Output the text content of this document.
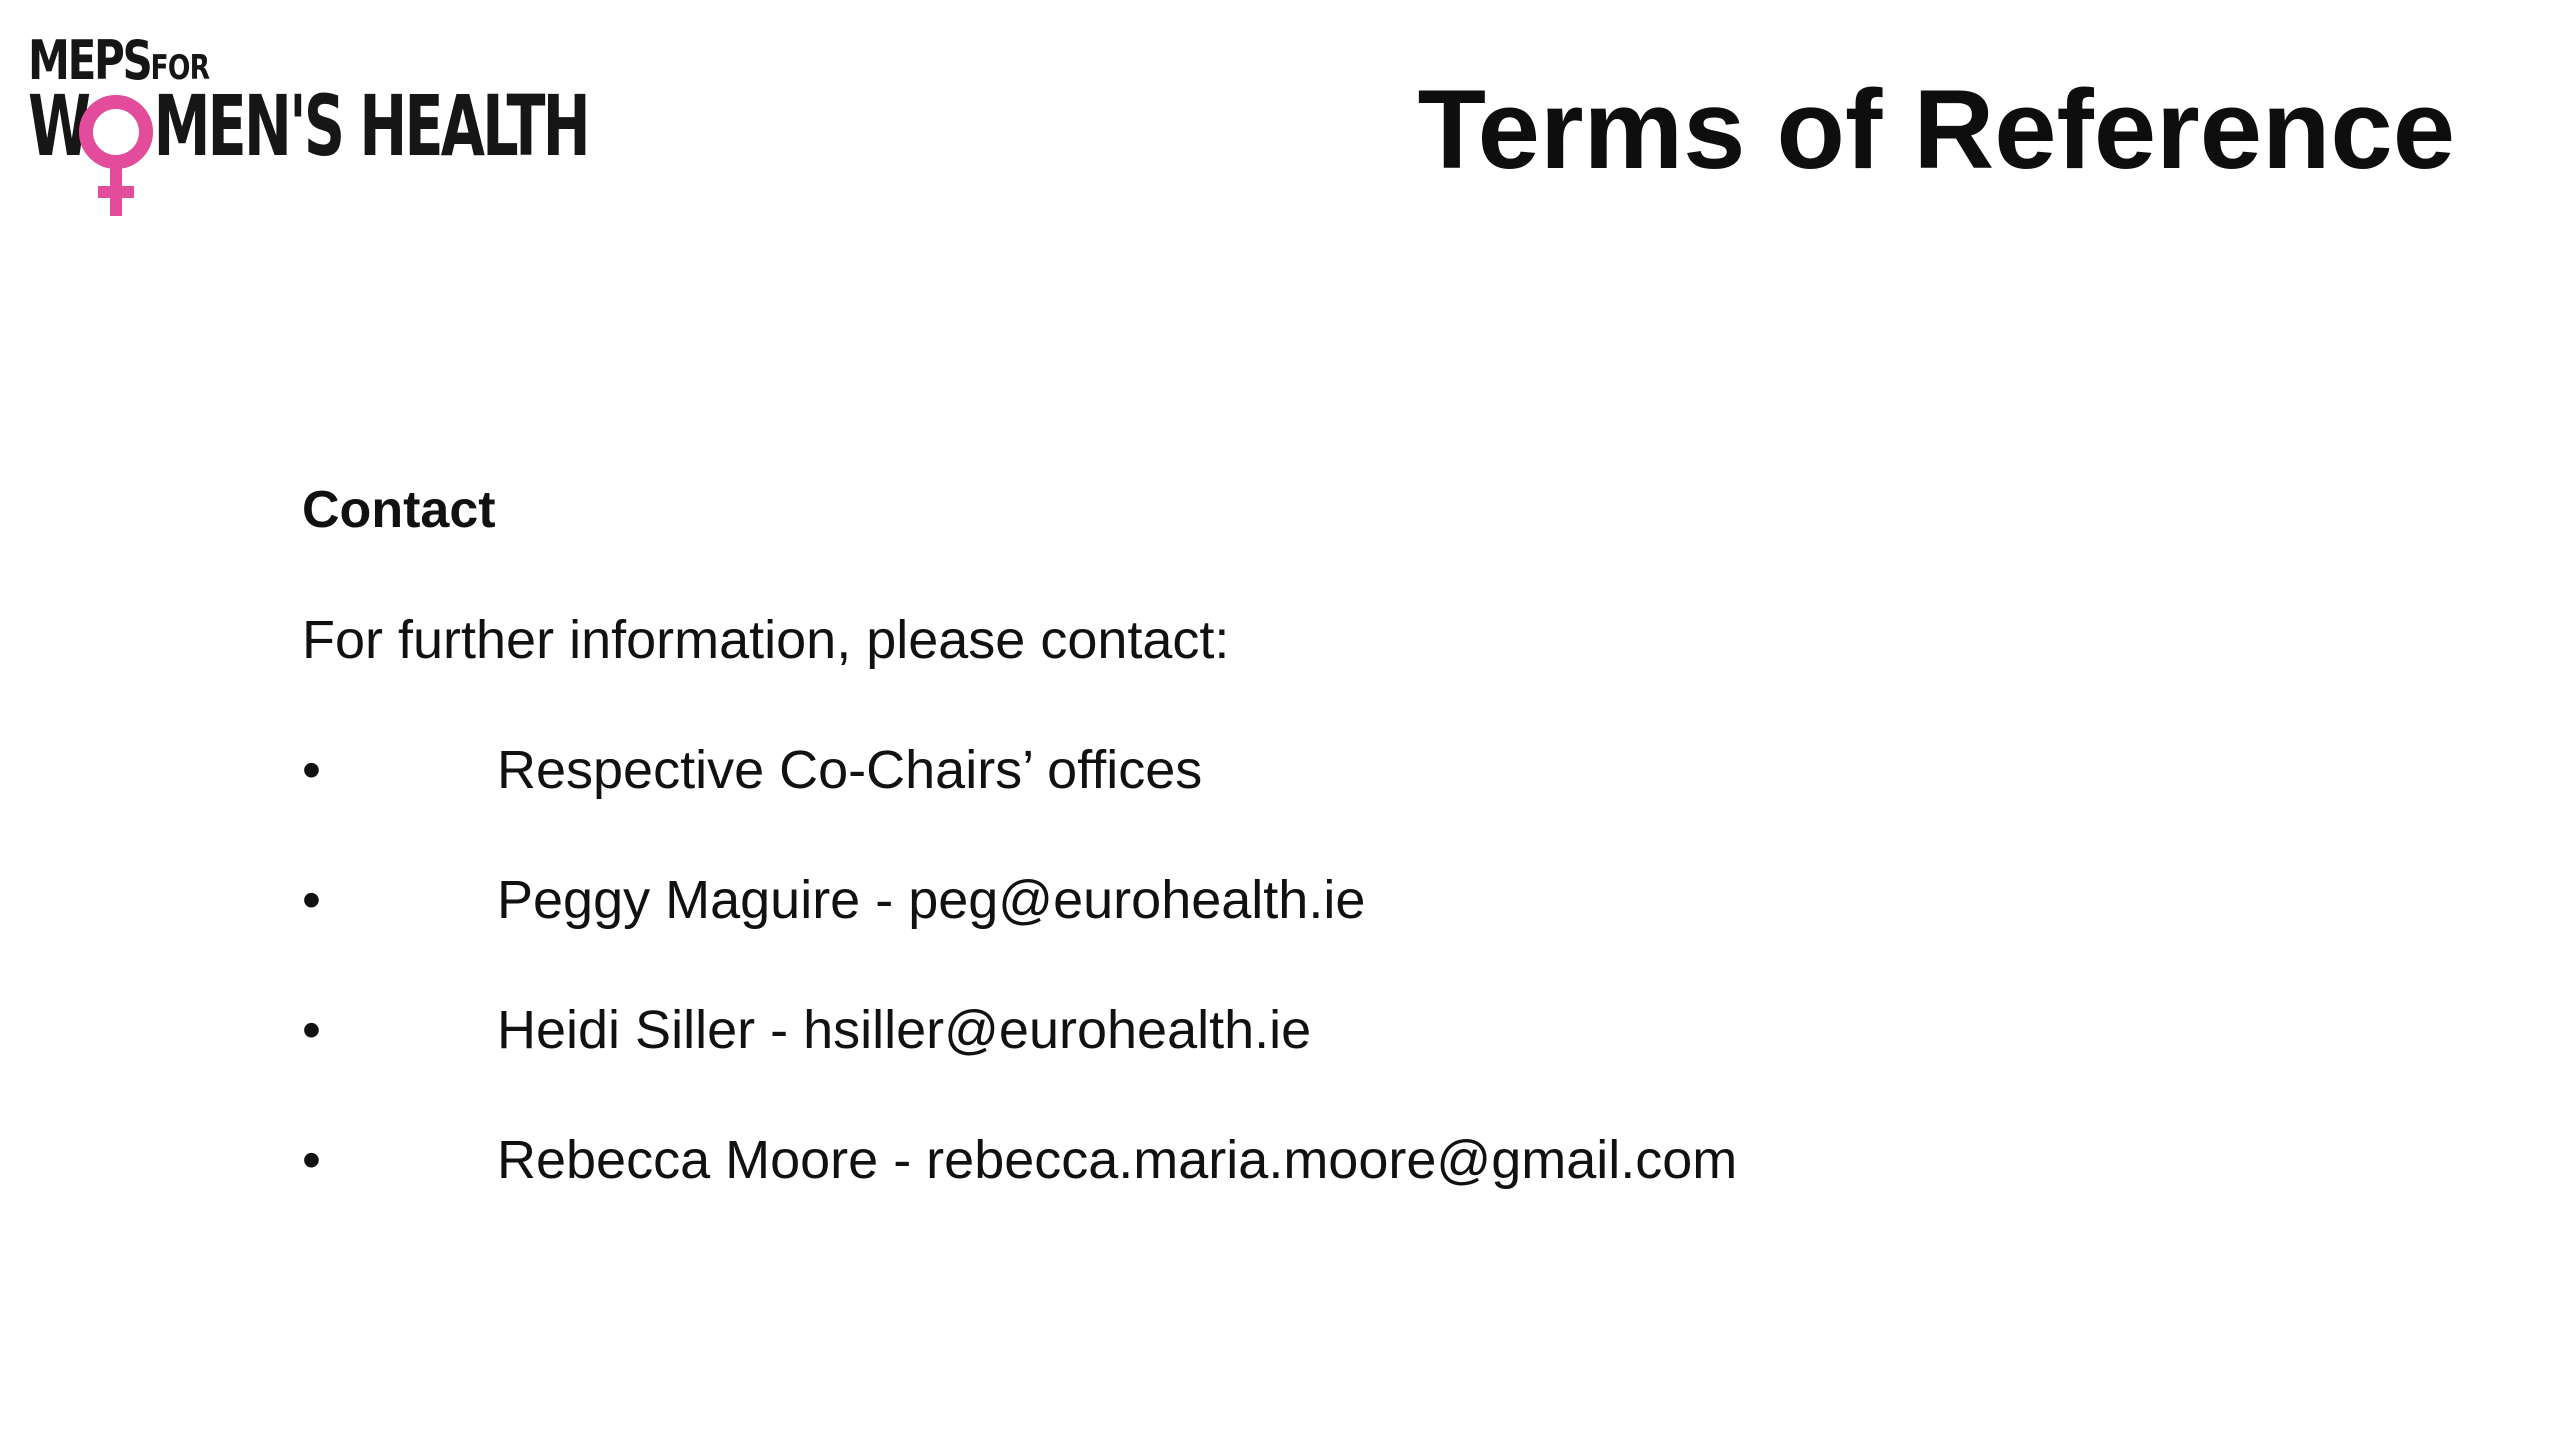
MEPSFOR
W MEN'S HEALTH	Terms of Reference
Contact

For further information, please contact:

•	Respective Co-Chairs’ offices
•	Peggy Maguire - peg@eurohealth.ie
•	Heidi Siller - hsiller@eurohealth.ie
•	Rebecca Moore - rebecca.maria.moore@gmail.com
